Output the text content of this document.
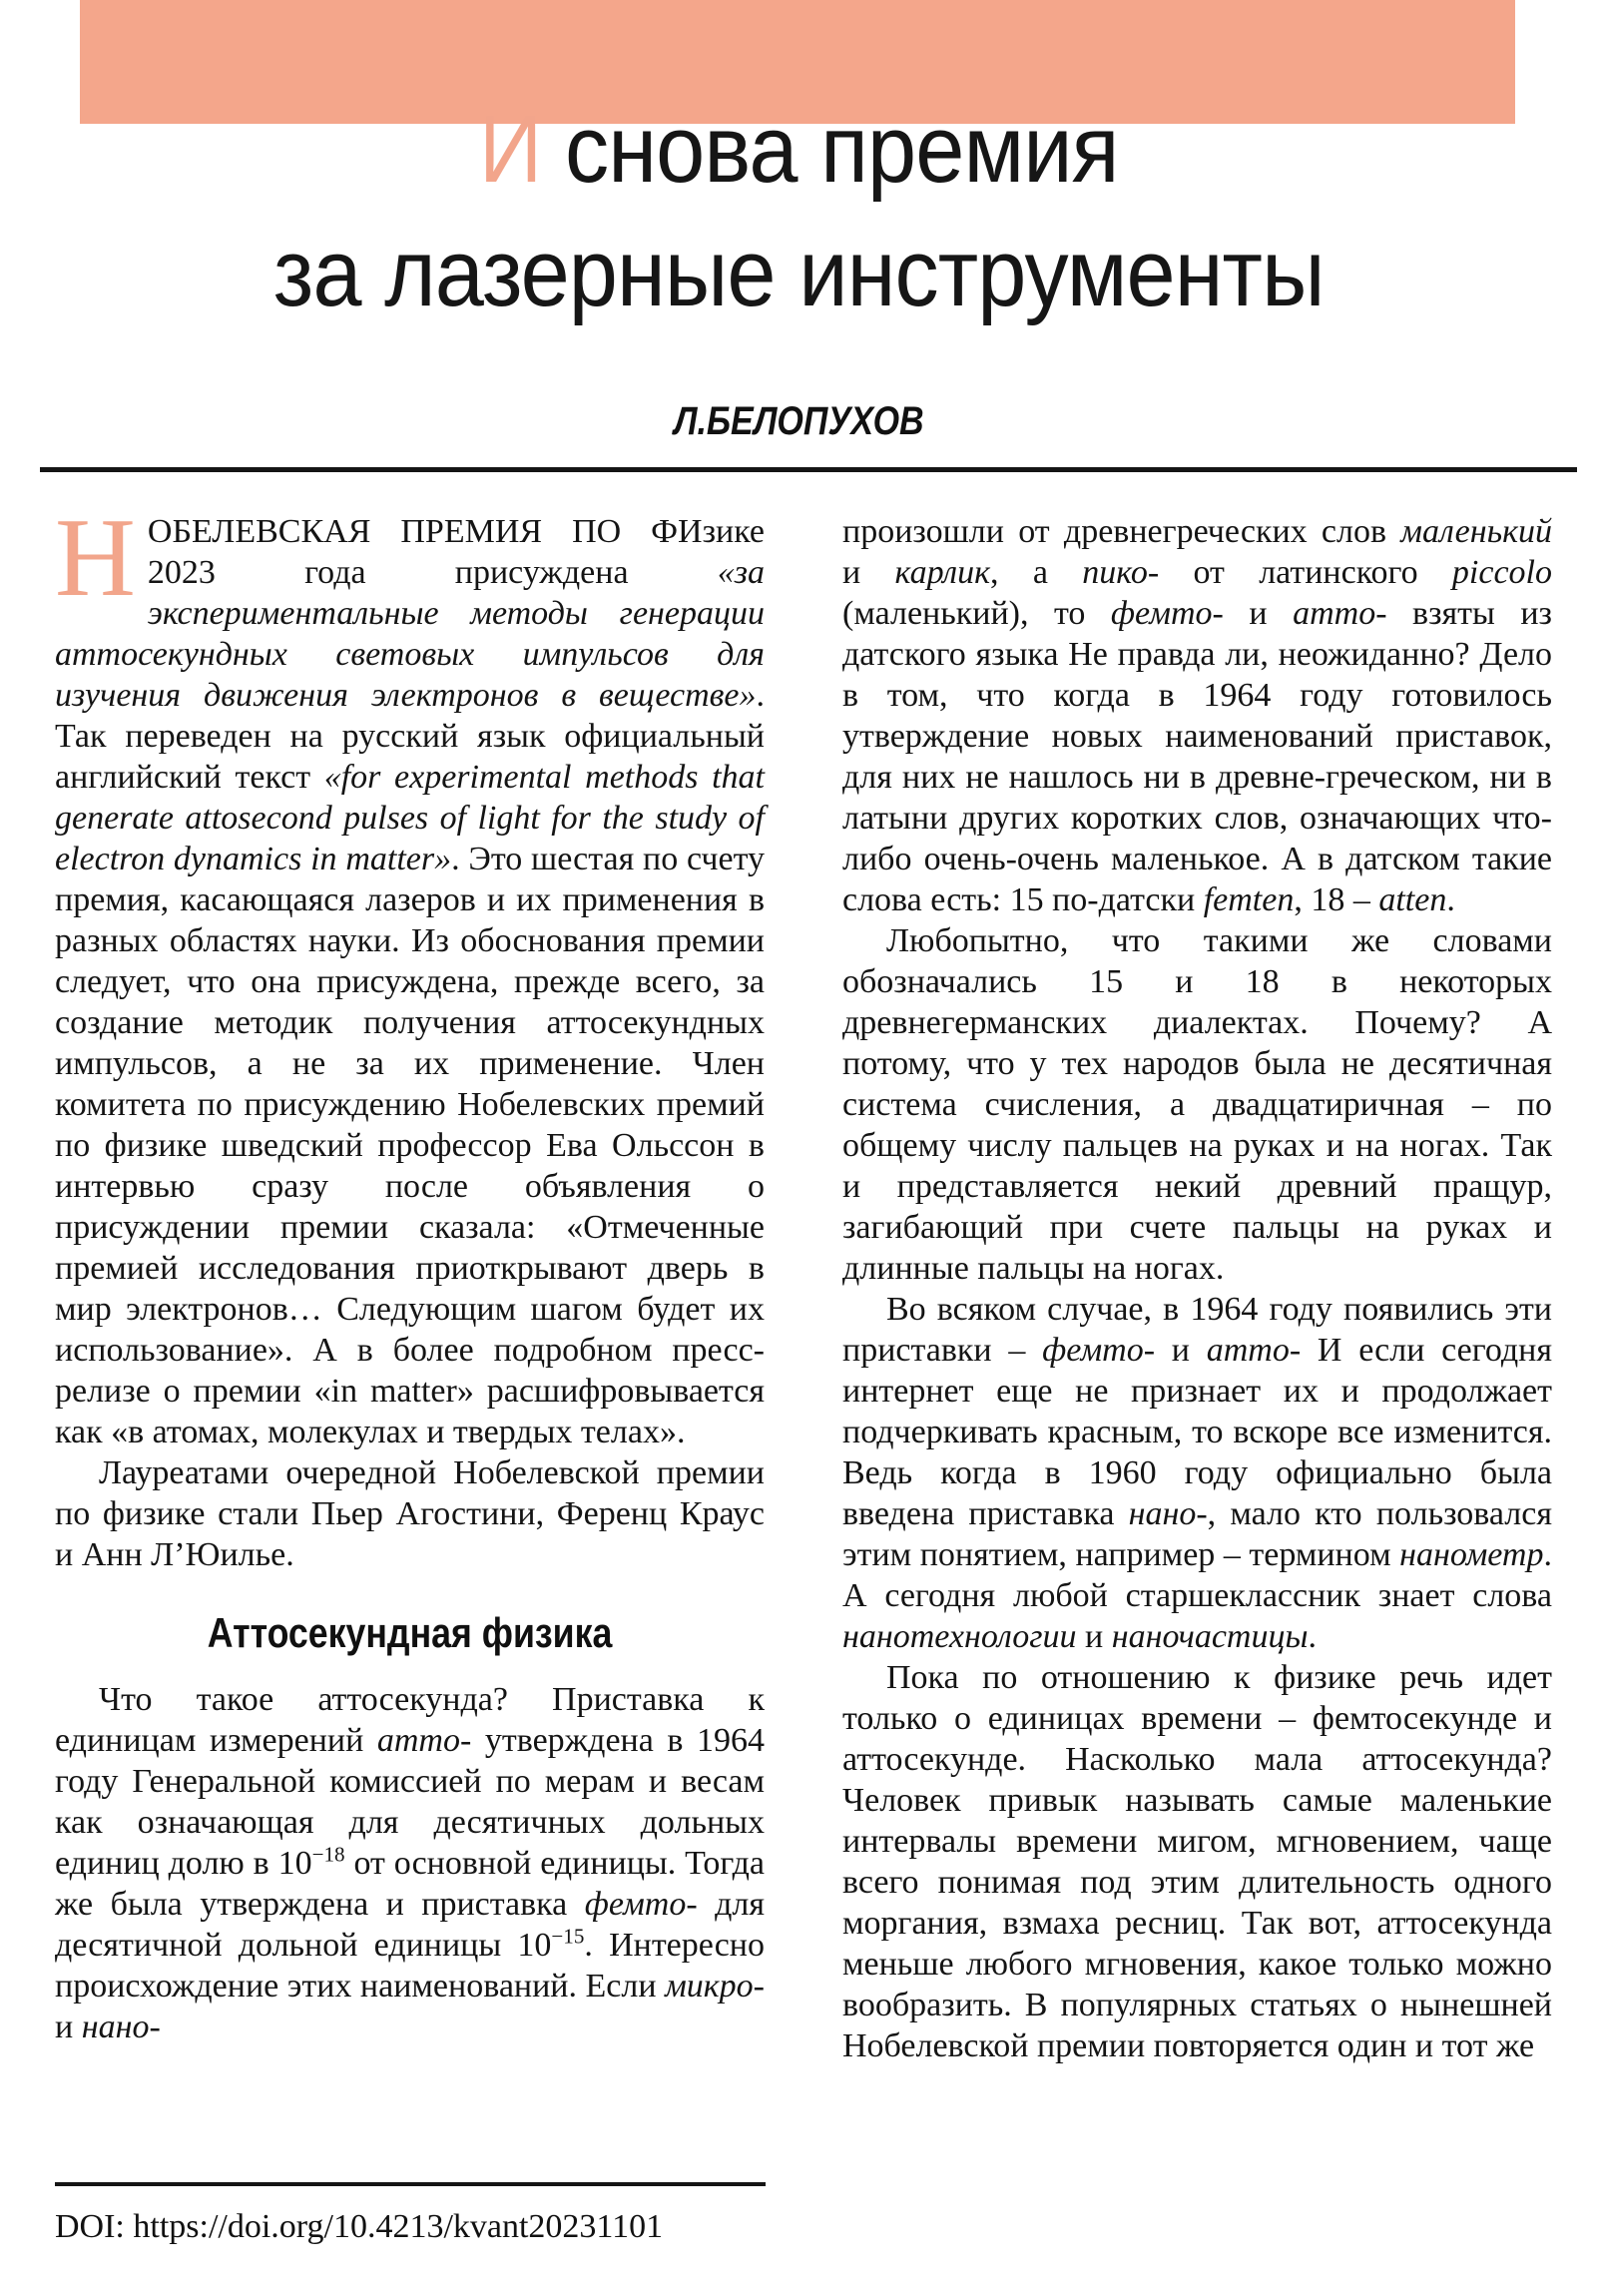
И снова премия
за лазерные инструменты
Л.БЕЛОПУХОВ

НОБЕЛЕВСКАЯ ПРЕМИЯ ПО ФИзике 2023 года присуждена «за экспериментальные методы генерации аттосекундных световых импульсов для изучения движения электронов в веществе». Так переведен на русский язык официальный английский текст «for experimental methods that generate attosecond pulses of light for the study of electron dynamics in matter». Это шестая по счету премия, касающаяся лазеров и их применения в разных областях науки. Из обоснования премии следует, что она присуждена, прежде всего, за создание методик получения аттосекундных импульсов, а не за их применение. Член комитета по присуждению Нобелевских премий по физике шведский профессор Ева Ольссон в интервью сразу после объявления о присуждении премии сказала: «Отмеченные премией исследования приоткрывают дверь в мир электронов… Следующим шагом будет их использование». А в более подробном пресс-релизе о премии «in matter» расшифровывается как «в атомах, молекулах и твердых телах».

Лауреатами очередной Нобелевской премии по физике стали Пьер Агостини, Ференц Краус и Анн Л’Юилье.

Аттосекундная физика

Что такое аттосекунда? Приставка к единицам измерений атто- утверждена в 1964 году Генеральной комиссией по мерам и весам как означающая для десятичных дольных единиц долю в $10^{-18}$ от основной единицы. Тогда же была утверждена и приставка фемто- для десятичной дольной единицы $10^{-15}$. Интересно происхождение этих наименований. Если микро- и нано-

произошли от древнегреческих слов маленький и карлик, а пико- от латинского piccolo (маленький), то фемто- и атто- взяты из датского языка Не правда ли, неожиданно? Дело в том, что когда в 1964 году готовилось утверждение новых наименований приставок, для них не нашлось ни в древне-греческом, ни в латыни других коротких слов, означающих что-либо очень-очень маленькое. А в датском такие слова есть: 15 по-датски femten, 18 – atten.

Любопытно, что такими же словами обозначались 15 и 18 в некоторых древнегерманских диалектах. Почему? А потому, что у тех народов была не десятичная система счисления, а двадцатиричная – по общему числу пальцев на руках и на ногах. Так и представляется некий древний пращур, загибающий при счете пальцы на руках и длинные пальцы на ногах.

Во всяком случае, в 1964 году появились эти приставки – фемто- и атто- И если сегодня интернет еще не признает их и продолжает подчеркивать красным, то вскоре все изменится. Ведь когда в 1960 году официально была введена приставка нано-, мало кто пользовался этим понятием, например – термином нанометр. А сегодня любой старшеклассник знает слова нанотехнологии и наночастицы.

Пока по отношению к физике речь идет только о единицах времени – фемтосекунде и аттосекунде. Насколько мала аттосекунда? Человек привык называть самые маленькие интервалы времени мигом, мгновением, чаще всего понимая под этим длительность одного моргания, взмаха ресниц. Так вот, аттосекунда меньше любого мгновения, какое только можно вообразить. В популярных статьях о нынешней Нобелевской премии повторяется один и тот же

DOI: https://doi.org/10.4213/kvant20231101
